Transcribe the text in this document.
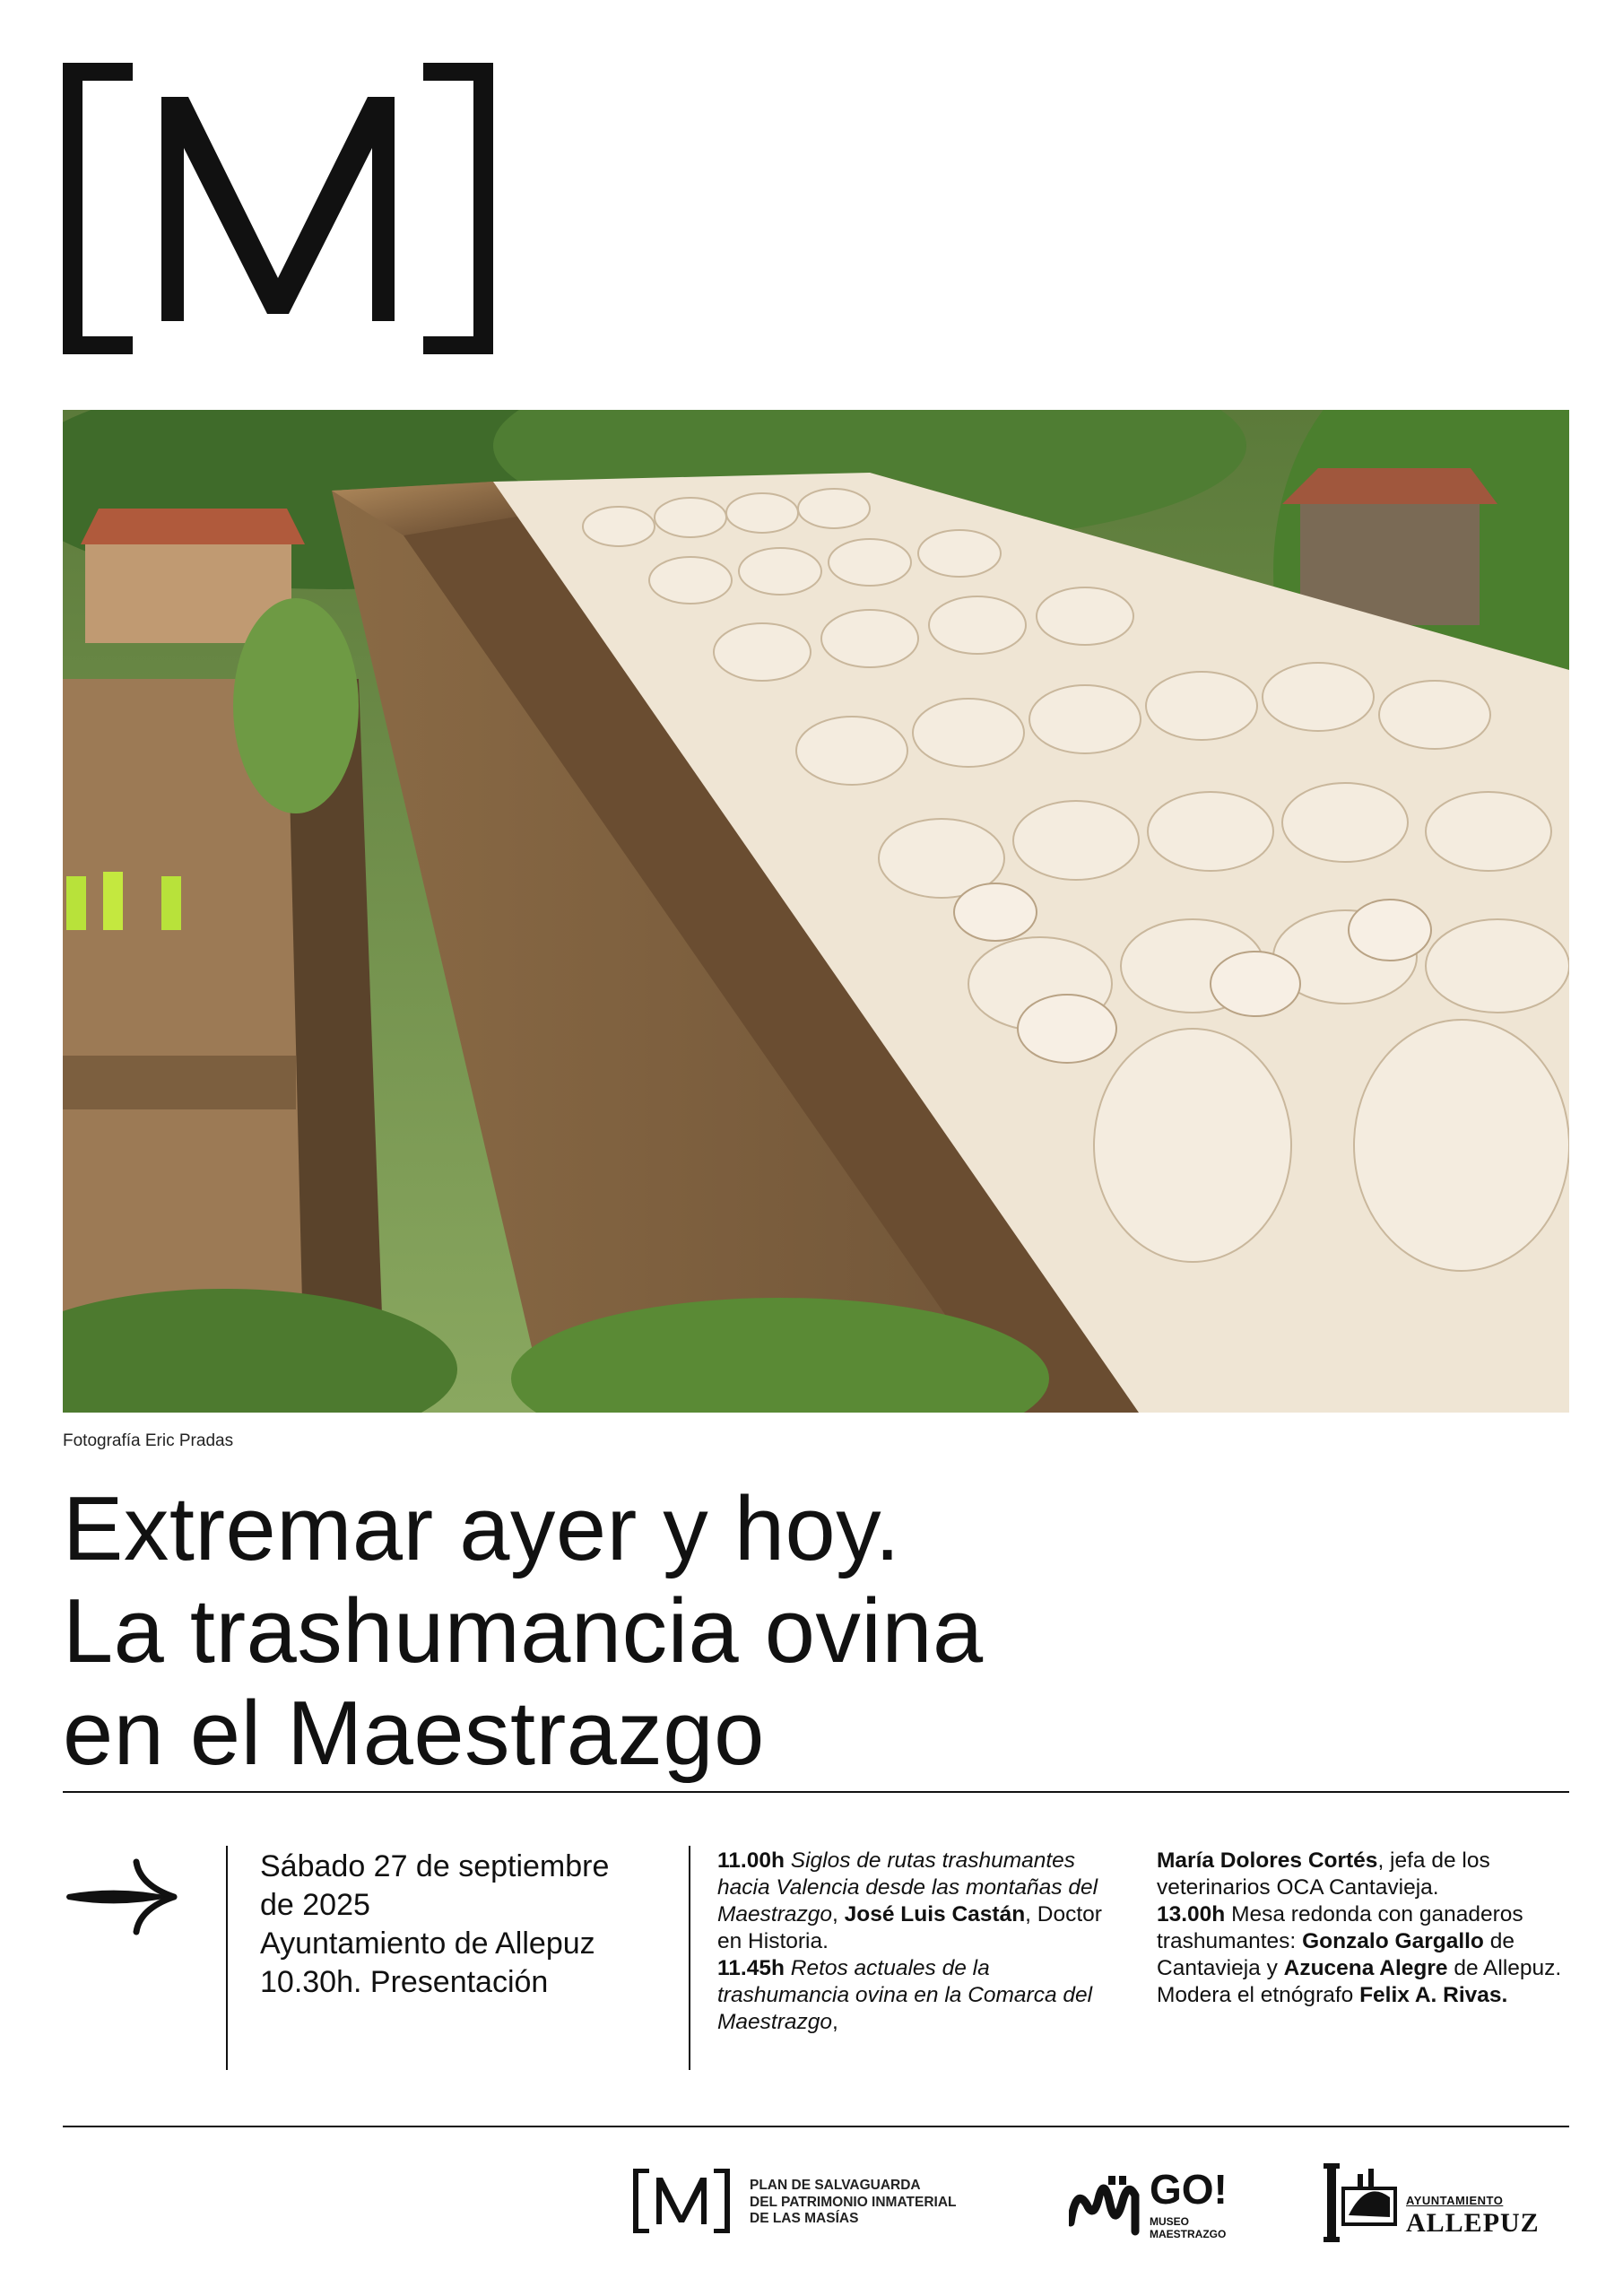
Fotografía Eric Pradas
Extremar ayer y hoy.
La trashumancia ovina
en el Maestrazgo
Sábado 27 de septiembre
de 2025
Ayuntamiento de Allepuz
10.30h. Presentación

11.00h Siglos de rutas trashumantes hacia Valencia desde las montañas del Maestrazgo, José Luis Castán, Doctor en Historia.

11.45h Retos actuales de la trashumancia ovina en la Comarca del Maestrazgo,

María Dolores Cortés, jefa de los veterinarios OCA Cantavieja.

13.00h Mesa redonda con ganaderos trashumantes: Gonzalo Gargallo de Cantavieja y Azucena Alegre de Allepuz. Modera el etnógrafo Felix A. Rivas.

PLAN DE SALVAGUARDA
DEL PATRIMONIO INMATERIAL
DE LAS MASÍAS
GO!
MUSEO
MAESTRAZGO
AYUNTAMIENTO
ALLEPUZ
